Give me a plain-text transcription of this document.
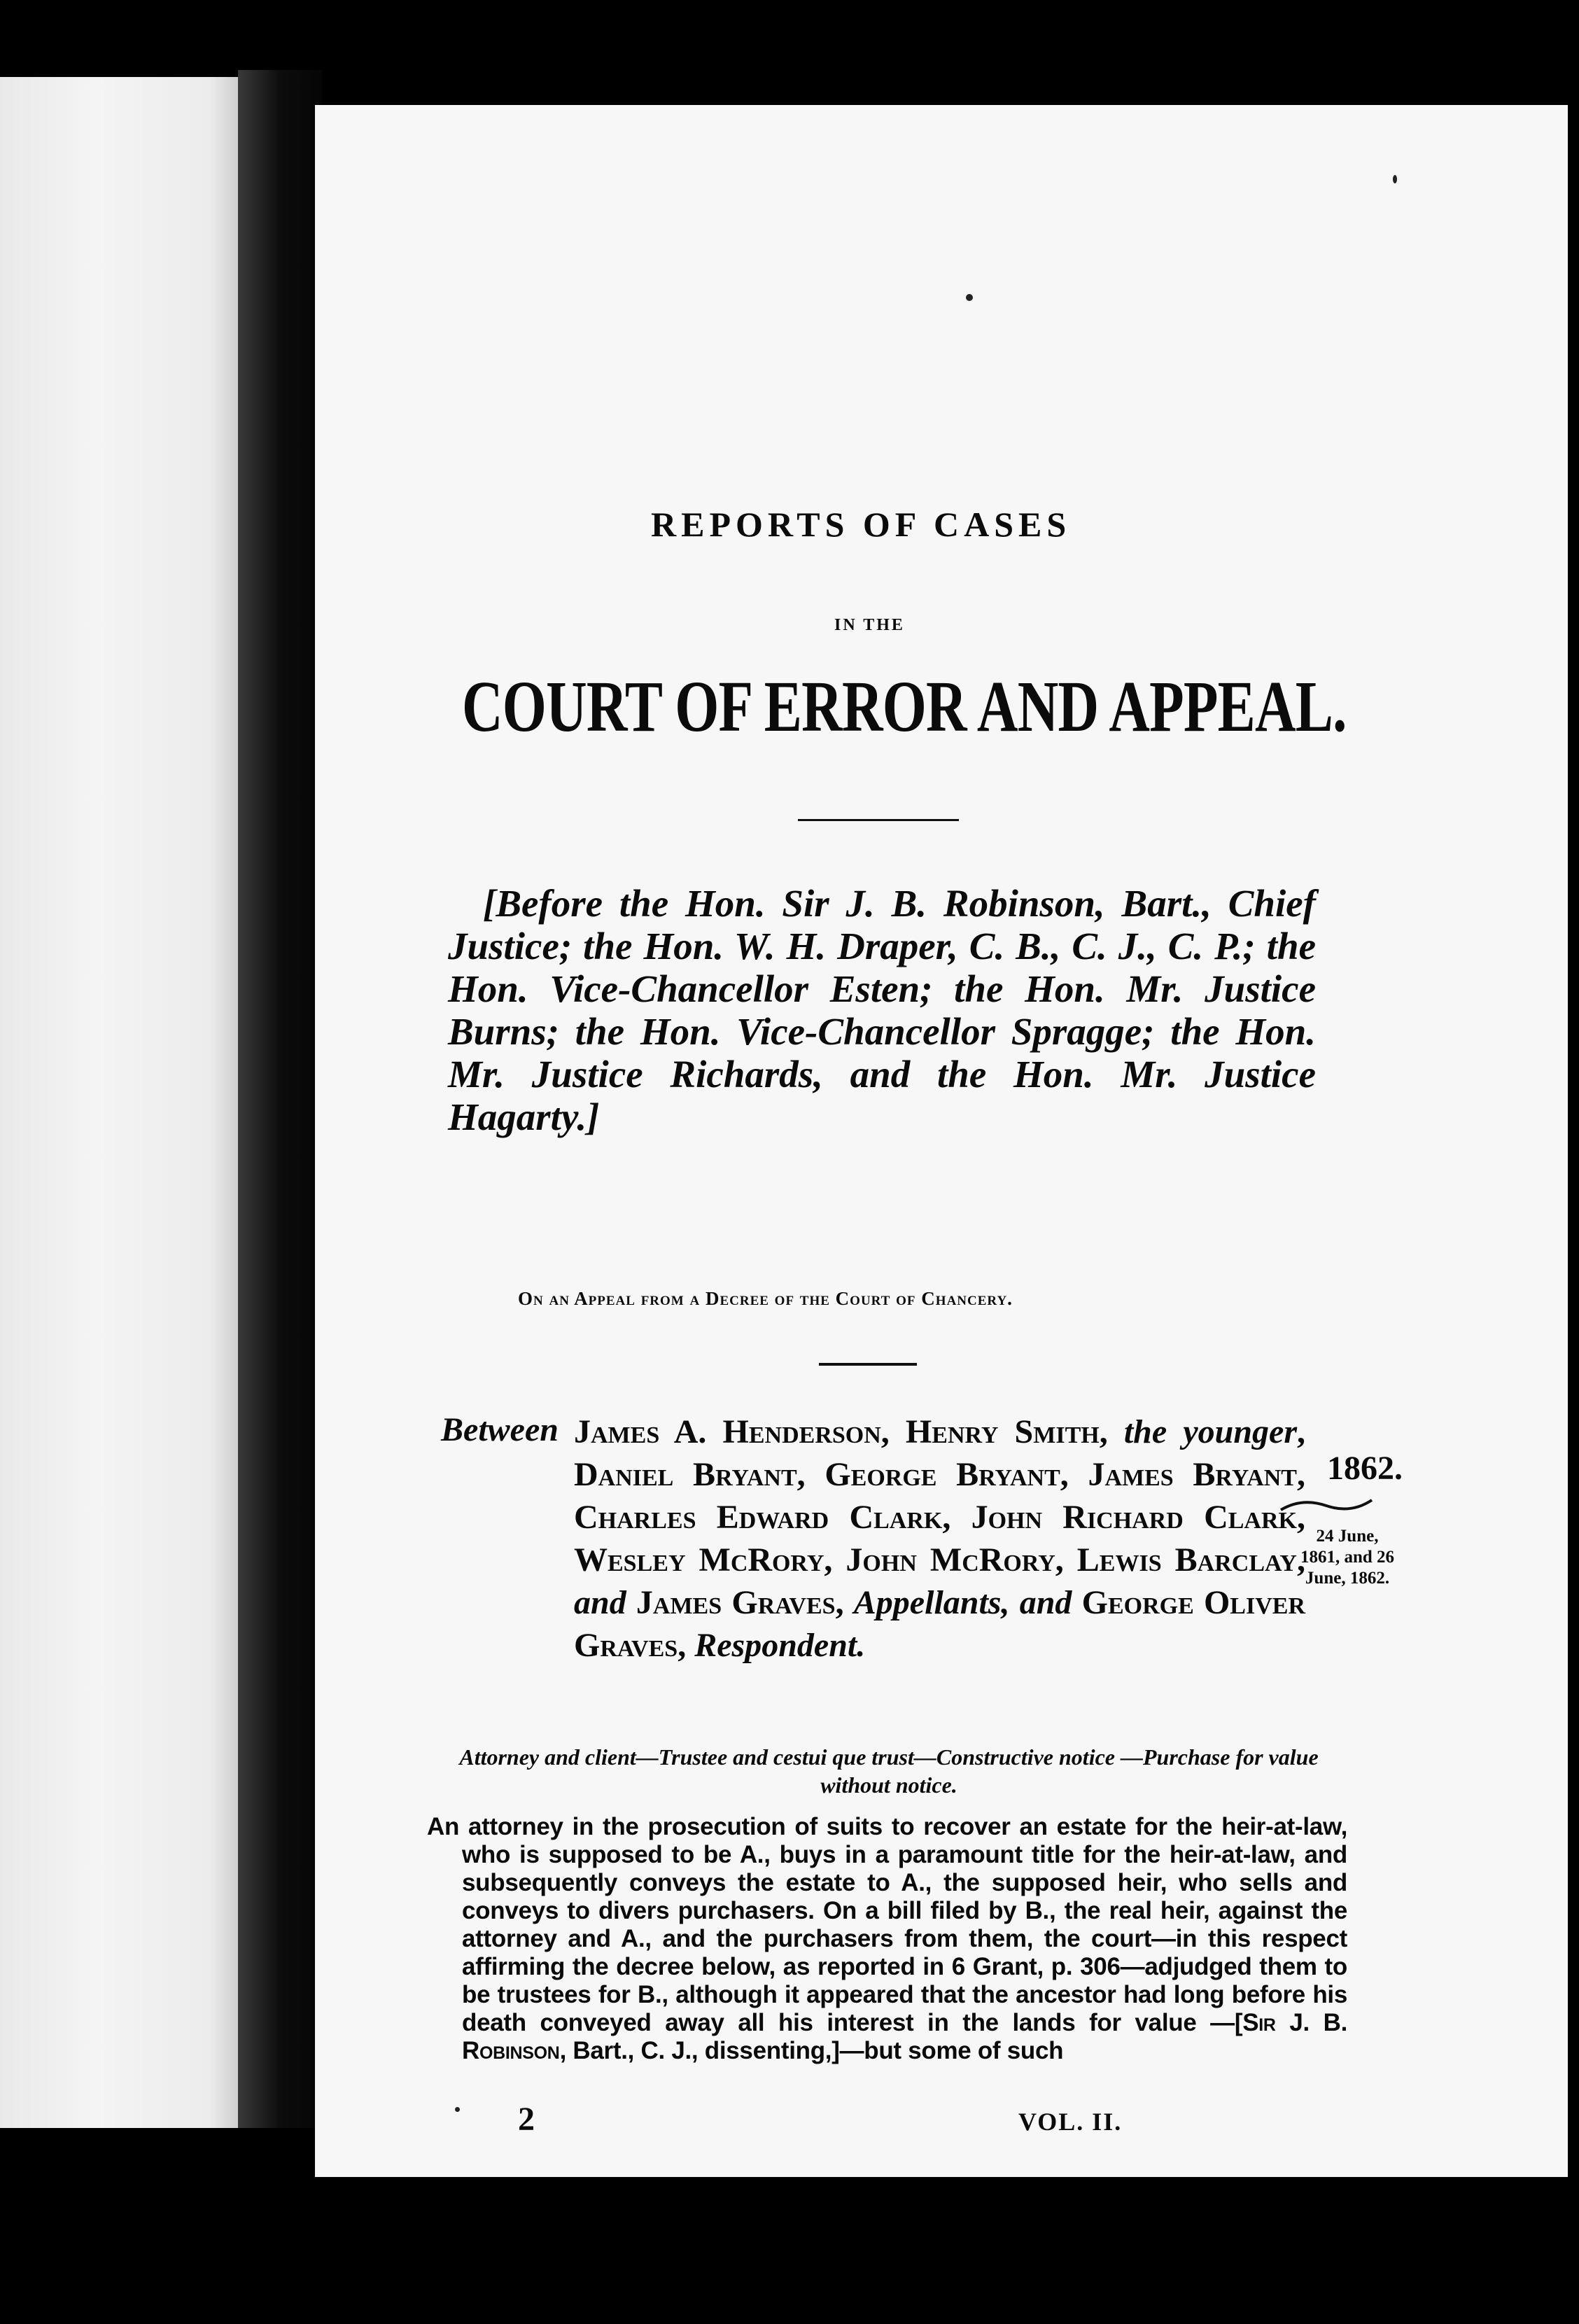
REPORTS OF CASES
IN THE
COURT OF ERROR AND APPEAL.

[Before the Hon. Sir J. B. Robinson, Bart., Chief Justice; the Hon. W. H. Draper, C. B., C. J., C. P.; the Hon. Vice-Chancellor Esten; the Hon. Mr. Justice Burns; the Hon. Vice-Chancellor Spragge; the Hon. Mr. Justice Richards, and the Hon. Mr. Justice Hagarty.]

On an Appeal from a Decree of the Court of Chancery.
Between James A. Henderson, Henry Smith, the younger, Daniel Bryant, George Bryant, James Bryant, Charles Edward Clark, John Richard Clark, Wesley McRory, John McRory, Lewis Barclay, and James Graves, Appellants, and George Oliver Graves, Respondent.
1862.
24 June,
1861, and 26
June, 1862.
Attorney and client—Trustee and cestui que trust—Constructive notice —Purchase for value without notice.
An attorney in the prosecution of suits to recover an estate for the heir-at-law, who is supposed to be A., buys in a paramount title for the heir-at-law, and subsequently conveys the estate to A., the supposed heir, who sells and conveys to divers purchasers. On a bill filed by B., the real heir, against the attorney and A., and the purchasers from them, the court—in this respect affirming the decree below, as reported in 6 Grant, p. 306—adjudged them to be trustees for B., although it appeared that the ancestor had long before his death conveyed away all his interest in the lands for value —[Sir J. B. Robinson, Bart., C. J., dissenting,]—but some of such
2	VOL. II.
